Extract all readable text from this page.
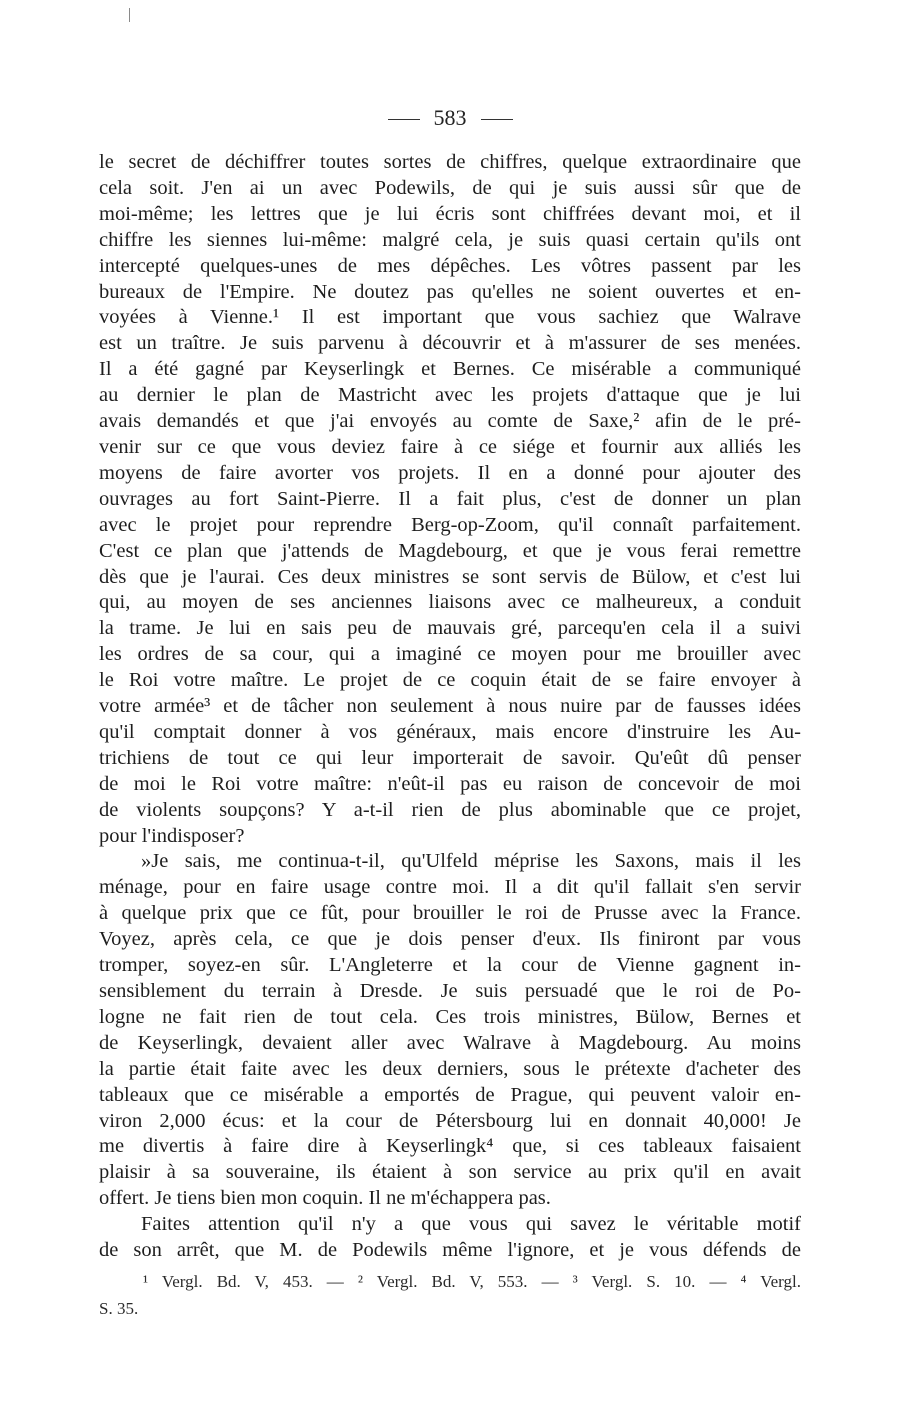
583
le secret de déchiffrer toutes sortes de chiffres, quelque extraordinaire que
cela soit. J'en ai un avec Podewils, de qui je suis aussi sûr que de
moi-même; les lettres que je lui écris sont chiffrées devant moi, et il
chiffre les siennes lui-même: malgré cela, je suis quasi certain qu'ils ont
intercepté quelques-unes de mes dépêches. Les vôtres passent par les
bureaux de l'Empire. Ne doutez pas qu'elles ne soient ouvertes et en-
voyées à Vienne.¹ Il est important que vous sachiez que Walrave
est un traître. Je suis parvenu à découvrir et à m'assurer de ses menées.
Il a été gagné par Keyserlingk et Bernes. Ce misérable a communiqué
au dernier le plan de Mastricht avec les projets d'attaque que je lui
avais demandés et que j'ai envoyés au comte de Saxe,² afin de le pré-
venir sur ce que vous deviez faire à ce siége et fournir aux alliés les
moyens de faire avorter vos projets. Il en a donné pour ajouter des
ouvrages au fort Saint-Pierre. Il a fait plus, c'est de donner un plan
avec le projet pour reprendre Berg-op-Zoom, qu'il connaît parfaitement.
C'est ce plan que j'attends de Magdebourg, et que je vous ferai remettre
dès que je l'aurai. Ces deux ministres se sont servis de Bülow, et c'est lui
qui, au moyen de ses anciennes liaisons avec ce malheureux, a conduit
la trame. Je lui en sais peu de mauvais gré, parcequ'en cela il a suivi
les ordres de sa cour, qui a imaginé ce moyen pour me brouiller avec
le Roi votre maître. Le projet de ce coquin était de se faire envoyer à
votre armée³ et de tâcher non seulement à nous nuire par de fausses idées
qu'il comptait donner à vos généraux, mais encore d'instruire les Au-
trichiens de tout ce qui leur importerait de savoir. Qu'eût dû penser
de moi le Roi votre maître: n'eût-il pas eu raison de concevoir de moi
de violents soupçons? Y a-t-il rien de plus abominable que ce projet,
pour l'indisposer?
»Je sais, me continua-t-il, qu'Ulfeld méprise les Saxons, mais il les
ménage, pour en faire usage contre moi. Il a dit qu'il fallait s'en servir
à quelque prix que ce fût, pour brouiller le roi de Prusse avec la France.
Voyez, après cela, ce que je dois penser d'eux. Ils finiront par vous
tromper, soyez-en sûr. L'Angleterre et la cour de Vienne gagnent in-
sensiblement du terrain à Dresde. Je suis persuadé que le roi de Po-
logne ne fait rien de tout cela. Ces trois ministres, Bülow, Bernes et
de Keyserlingk, devaient aller avec Walrave à Magdebourg. Au moins
la partie était faite avec les deux derniers, sous le prétexte d'acheter des
tableaux que ce misérable a emportés de Prague, qui peuvent valoir en-
viron 2,000 écus: et la cour de Pétersbourg lui en donnait 40,000! Je
me divertis à faire dire à Keyserlingk⁴ que, si ces tableaux faisaient
plaisir à sa souveraine, ils étaient à son service au prix qu'il en avait
offert. Je tiens bien mon coquin. Il ne m'échappera pas.
Faites attention qu'il n'y a que vous qui savez le véritable motif
de son arrêt, que M. de Podewils même l'ignore, et je vous défends de
¹ Vergl. Bd. V, 453. — ² Vergl. Bd. V, 553. — ³ Vergl. S. 10. — ⁴ Vergl.
S. 35.
